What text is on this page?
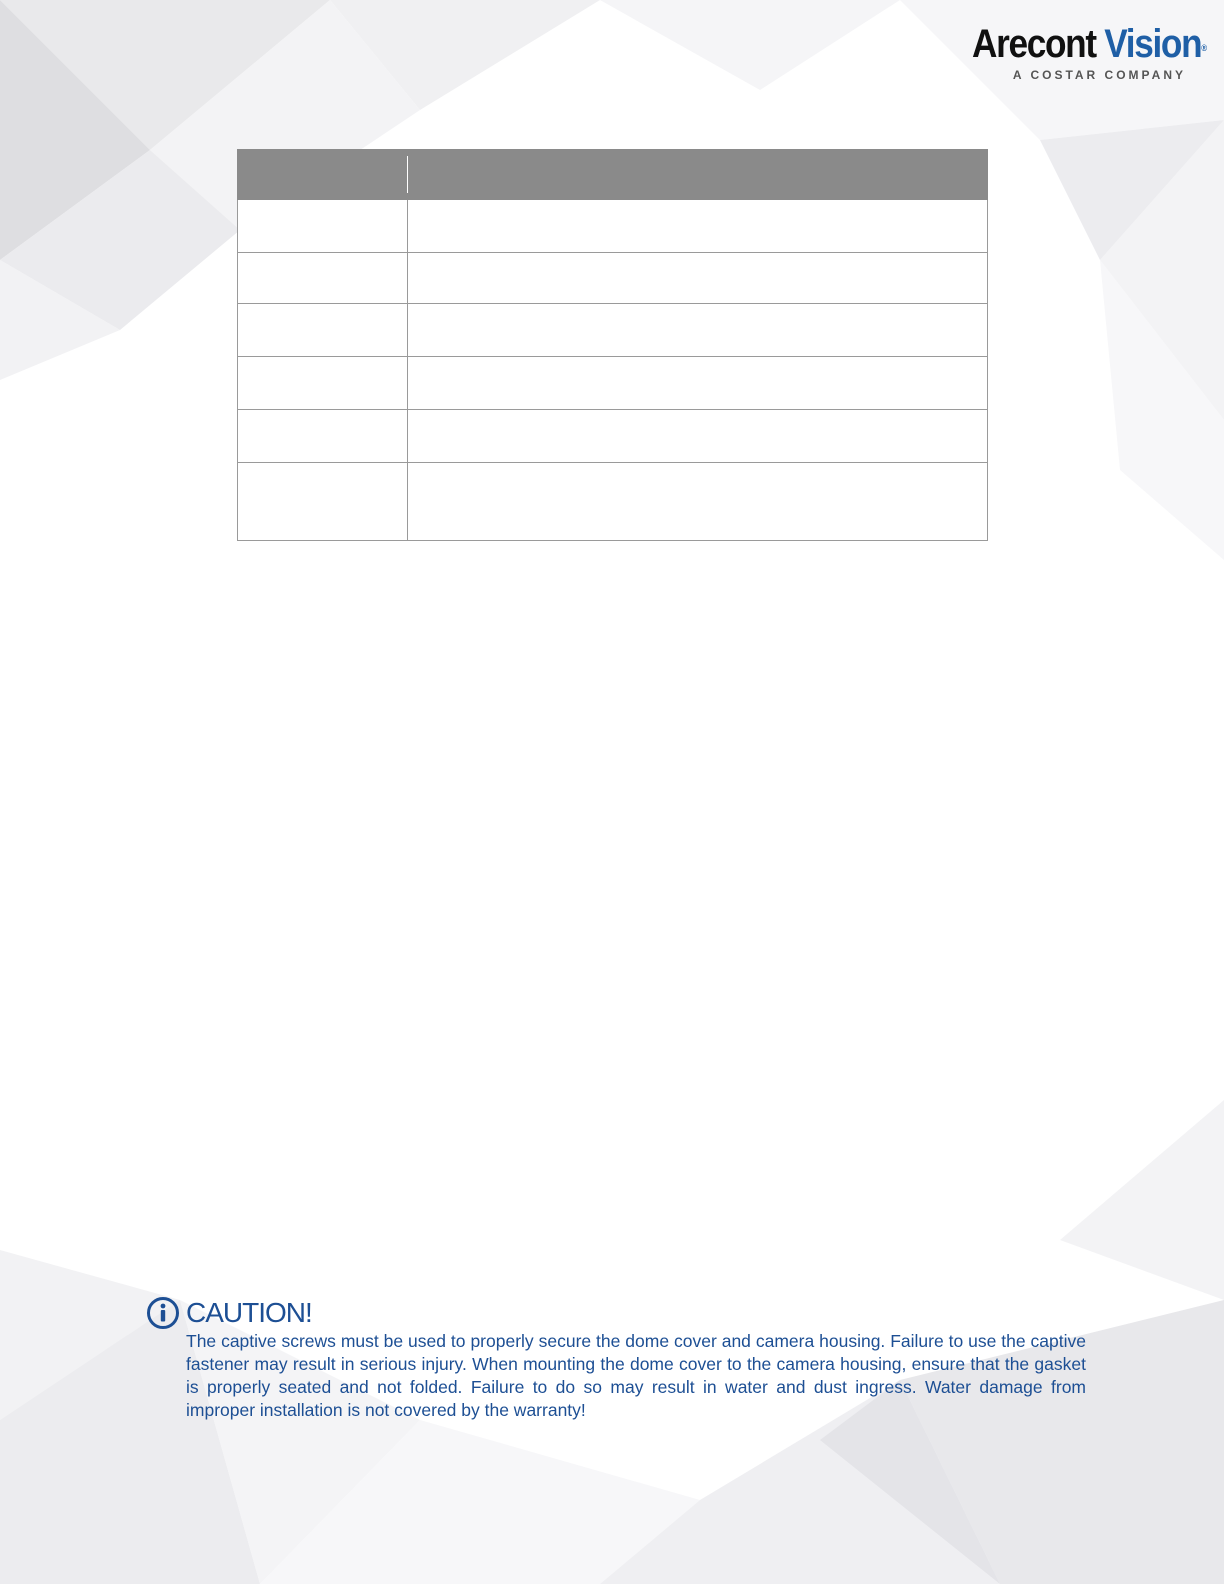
Arecont Vision®
A COSTAR COMPANY

CAUTION!
The captive screws must be used to properly secure the dome cover and camera housing. Failure to use the captive fastener may result in serious injury. When mounting the dome cover to the camera housing, ensure that the gasket is properly seated and not folded. Failure to do so may result in water and dust ingress. Water damage from improper installation is not covered by the warranty!
